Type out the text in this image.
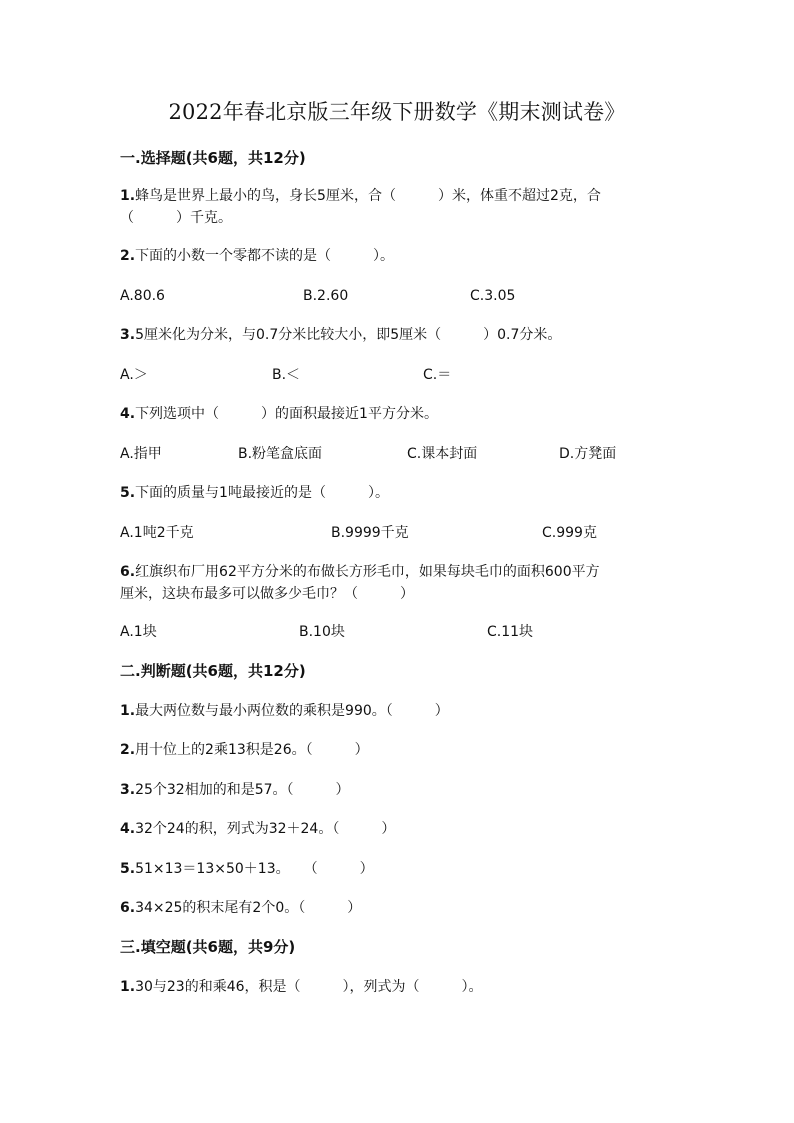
2022年春北京版三年级下册数学《期末测试卷》
一.选择题(共6题，共12分)
1.蜂鸟是世界上最小的鸟，身长5厘米，合（　　　）米，体重不超过2克，合
（　　　）千克。
2.下面的小数一个零都不读的是（　　　）。
A.80.6	B.2.60	C.3.05
3.5厘米化为分米，与0.7分米比较大小，即5厘米（　　　）0.7分米。
A.＞	B.＜	C.＝
4.下列选项中（　　　）的面积最接近1平方分米。
A.指甲	B.粉笔盒底面	C.课本封面	D.方凳面
5.下面的质量与1吨最接近的是（　　　）。
A.1吨2千克	B.9999千克	C.999克
6.红旗织布厂用62平方分米的布做长方形毛巾，如果每块毛巾的面积600平方
厘米，这块布最多可以做多少毛巾？（　　　）
A.1块	B.10块	C.11块
二.判断题(共6题，共12分)
1.最大两位数与最小两位数的乘积是990。（　　　）
2.用十位上的2乘13积是26。（　　　）
3.25个32相加的和是57。（　　　）
4.32个24的积，列式为32＋24。（　　　）
5.51×13＝13×50＋13。　　（　　　）
6.34×25的积末尾有2个0。（　　　）
三.填空题(共6题，共9分)
1.30与23的和乘46，积是（　　　），列式为（　　　）。
